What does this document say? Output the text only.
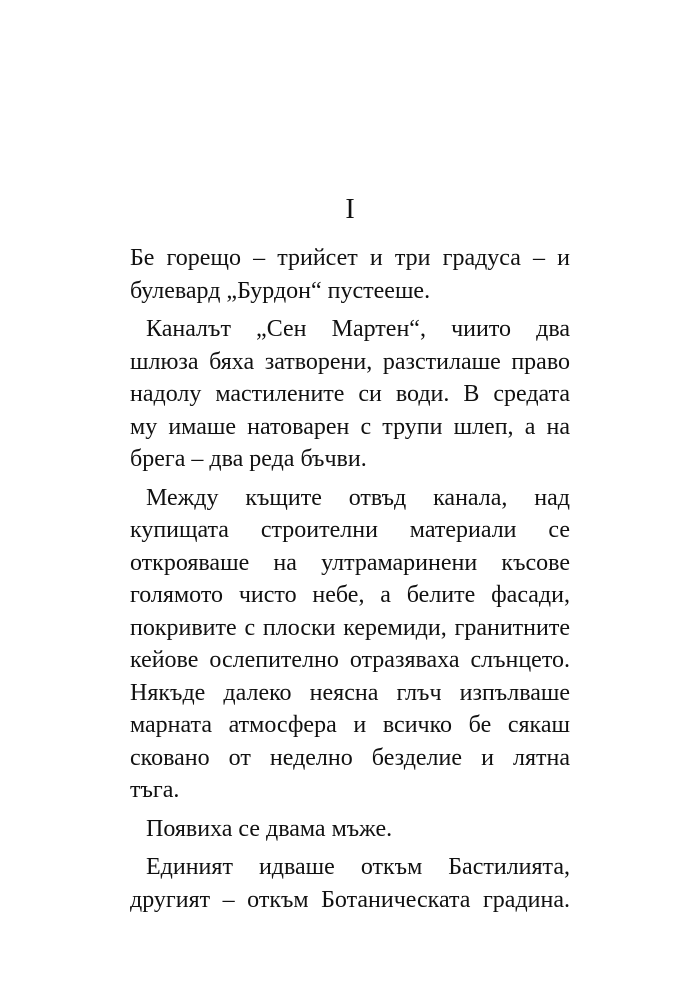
I

Бе горещо – трийсет и три градуса – и
булевард „Бурдон“ пустееше.

Каналът „Сен Мартен“, чиито два
шлюза бяха затворени, разстилаше право
надолу мастилените си води. В средата
му имаше натоварен с трупи шлеп, а на
брега – два реда бъчви.

Между къщите отвъд канала, над
купищата строителни материали се
открояваше на ултрамаринени късове
голямото чисто небе, а белите фасади,
покривите с плоски керемиди, гранитните
кейове ослепително отразяваха слънцето.
Някъде далеко неясна глъч изпълваше
марната атмосфера и всичко бе сякаш
сковано от неделно безделие и лятна
тъга.

Появиха се двама мъже.

Единият идваше откъм Бастилията,
другият – откъм Ботаническата градина.
